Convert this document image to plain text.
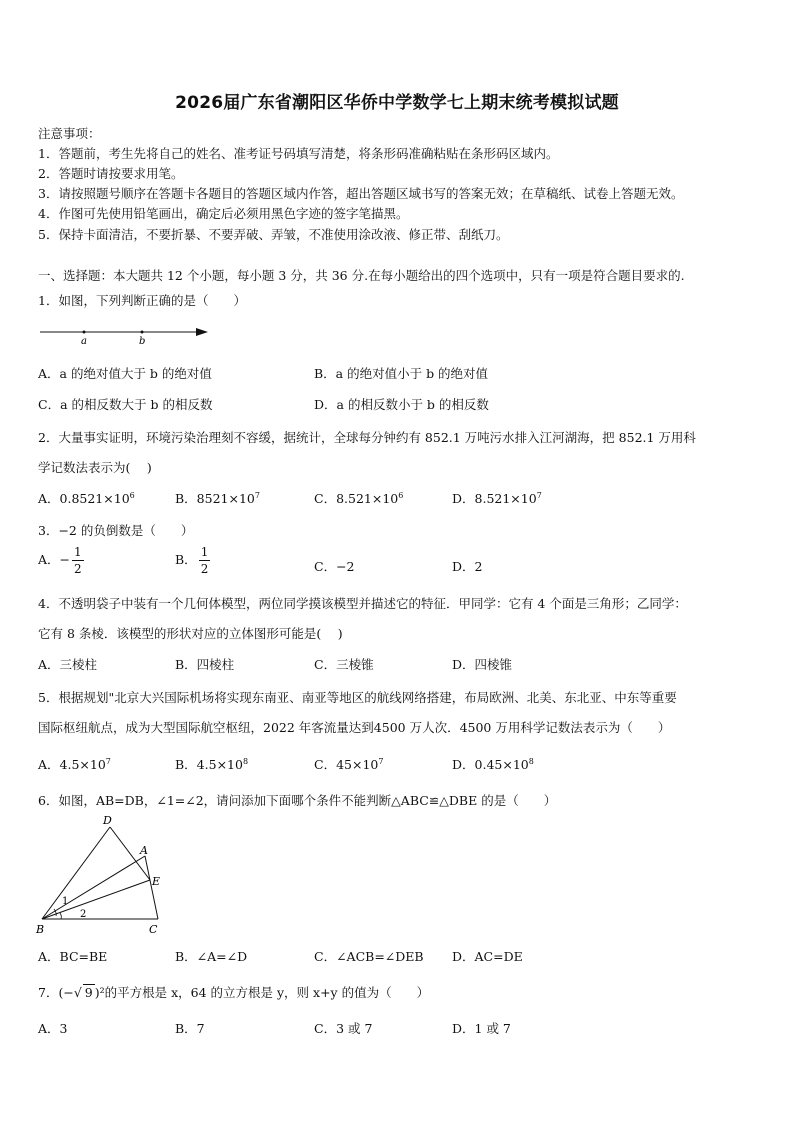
2026届广东省潮阳区华侨中学数学七上期末统考模拟试题
注意事项：
1．答题前，考生先将自己的姓名、准考证号码填写清楚，将条形码准确粘贴在条形码区域内。
2．答题时请按要求用笔。
3．请按照题号顺序在答题卡各题目的答题区域内作答，超出答题区域书写的答案无效；在草稿纸、试卷上答题无效。
4．作图可先使用铅笔画出，确定后必须用黑色字迹的签字笔描黑。
5．保持卡面清洁，不要折暴、不要弄破、弄皱，不准使用涂改液、修正带、刮纸刀。
一、选择题：本大题共 12 个小题，每小题 3 分，共 36 分.在每小题给出的四个选项中，只有一项是符合题目要求的.
1．如图，下列判断正确的是（　　）
a	b
A．a 的绝对值大于 b 的绝对值	B．a 的绝对值小于 b 的绝对值
C．a 的相反数大于 b 的相反数	D．a 的相反数小于 b 的相反数
2．大量事实证明，环境污染治理刻不容缓，据统计，全球每分钟约有 852.1 万吨污水排入江河湖海，把 852.1 万用科
学记数法表示为(　 )
A．$0.8521\times 10^6$	B．$8521\times 10^7$	C．$8.521\times 10^6$	D．$8.521\times 10^7$
3．−2 的负倒数是（　　）
A．− $\frac{1}{2}$	B． $\frac{1}{2}$	C．−2	D．2
4．不透明袋子中装有一个几何体模型，两位同学摸该模型并描述它的特征．甲同学：它有 4 个面是三角形；乙同学：
它有 8 条棱．该模型的形状对应的立体图形可能是(　 )
A．三棱柱	B．四棱柱	C．三棱锥	D．四棱锥
5．根据规划"北京大兴国际机场将实现东南亚、南亚等地区的航线网络搭建，布局欧洲、北美、东北亚、中东等重要
国际枢纽航点，成为大型国际航空枢纽，2022 年客流量达到4500 万人次．4500 万用科学记数法表示为（　　）
A．$4.5\times 10^7$	B．$4.5\times 10^8$	C．$45\times 10^7$	D．$0.45\times 10^8$
6．如图，AB=DB，∠1=∠2，请问添加下面哪个条件不能判断△ABC≌△DBE 的是（　　）
D
A
E
B	C
1
2
A．BC=BE	B．∠A=∠D	C．∠ACB=∠DEB D．AC=DE
7．(−√ 9 )²的平方根是 x，64 的立方根是 y，则 x+y 的值为（　　）
A．3	B．7	C．3 或 7	D．1 或 7
